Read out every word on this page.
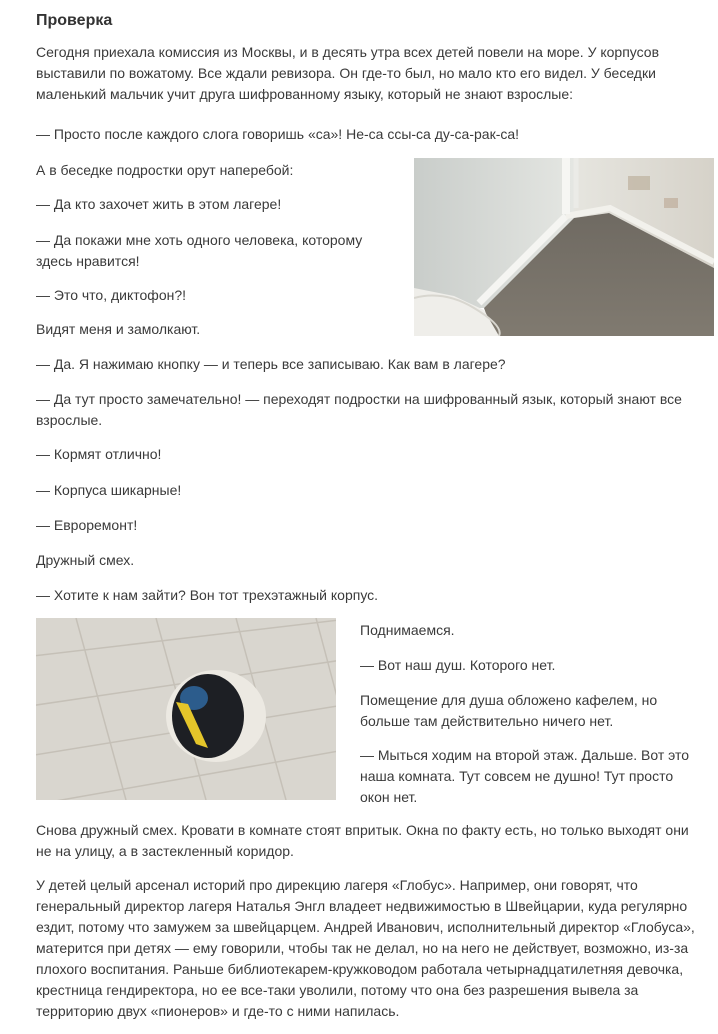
Проверка

Сегодня приехала комиссия из Москвы, и в десять утра всех детей повели на море. У корпусов выставили по вожатому. Все ждали ревизора. Он где-то был, но мало кто его видел. У беседки маленький мальчик учит друга шифрованному языку, который не знают взрослые:

— Просто после каждого слога говоришь «са»! Не-са ссы-са ду-са-рак-са!

А в беседке подростки орут наперебой:

— Да кто захочет жить в этом лагере!

— Да покажи мне хоть одного человека, которому здесь нравится!

— Это что, диктофон?!

Видят меня и замолкают.

— Да. Я нажимаю кнопку — и теперь все записываю. Как вам в лагере?

— Да тут просто замечательно! — переходят подростки на шифрованный язык, который знают все взрослые.

— Кормят отлично!

— Корпуса шикарные!

— Евроремонт!

Дружный смех.

— Хотите к нам зайти? Вон тот трехэтажный корпус.

Поднимаемся.

— Вот наш душ. Которого нет.

Помещение для душа обложено кафелем, но больше там действительно ничего нет.

— Мыться ходим на второй этаж. Дальше. Вот это наша комната. Тут совсем не душно! Тут просто окон нет.

Снова дружный смех. Кровати в комнате стоят впритык. Окна по факту есть, но только выходят они не на улицу, а в застекленный коридор.

У детей целый арсенал историй про дирекцию лагеря «Глобус». Например, они говорят, что генеральный директор лагеря Наталья Энгл владеет недвижимостью в Швейцарии, куда регулярно ездит, потому что замужем за швейцарцем. Андрей Иванович, исполнительный директор «Глобуса», матерится при детях — ему говорили, чтобы так не делал, но на него не действует, возможно, из-за плохого воспитания. Раньше библиотекарем-кружководом работала четырнадцатилетняя девочка, крестница гендиректора, но ее все-таки уволили, потому что она без разрешения вывела за территорию двух «пионеров» и где-то с ними напилась.
